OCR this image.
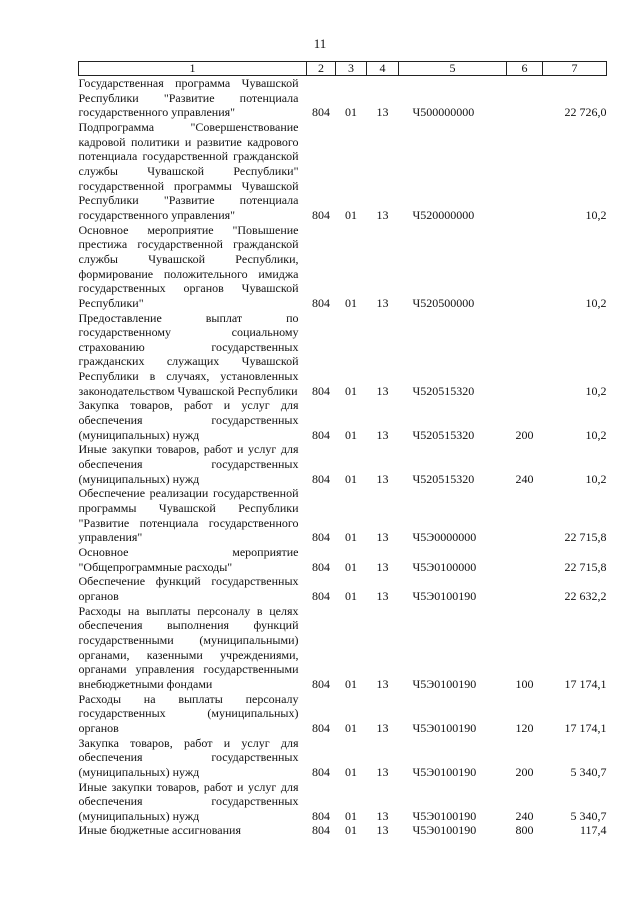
11
1	2	3	4	5	6	7
Государственная программа Чувашской Республики "Развитие потенциала государственного управления"	804	01	13	Ч500000000		22 726,0
Подпрограмма "Совершенствование кадровой политики и развитие кадрового потенциала государственной гражданской службы Чувашской Республики" государственной программы Чувашской Республики "Развитие потенциала государственного управления"	804	01	13	Ч520000000		10,2
Основное мероприятие "Повышение престижа государственной гражданской службы Чувашской Республики, формирование положительного имиджа государственных органов Чувашской Республики"	804	01	13	Ч520500000		10,2
Предоставление выплат по государственному социальному страхованию государственных гражданских служащих Чувашской Республики в случаях, установленных законодательством Чувашской Республики	804	01	13	Ч520515320		10,2
Закупка товаров, работ и услуг для обеспечения государственных (муниципальных) нужд	804	01	13	Ч520515320	200	10,2
Иные закупки товаров, работ и услуг для обеспечения государственных (муниципальных) нужд	804	01	13	Ч520515320	240	10,2
Обеспечение реализации государственной программы Чувашской Республики "Развитие потенциала государственного управления"	804	01	13	Ч5Э0000000		22 715,8
Основное мероприятие "Общепрограммные расходы"	804	01	13	Ч5Э0100000		22 715,8
Обеспечение функций государственных органов	804	01	13	Ч5Э0100190		22 632,2
Расходы на выплаты персоналу в целях обеспечения выполнения функций государственными (муниципальными) органами, казенными учреждениями, органами управления государственными внебюджетными фондами	804	01	13	Ч5Э0100190	100	17 174,1
Расходы на выплаты персоналу государственных (муниципальных) органов	804	01	13	Ч5Э0100190	120	17 174,1
Закупка товаров, работ и услуг для обеспечения государственных (муниципальных) нужд	804	01	13	Ч5Э0100190	200	5 340,7
Иные закупки товаров, работ и услуг для обеспечения государственных (муниципальных) нужд	804	01	13	Ч5Э0100190	240	5 340,7
Иные бюджетные ассигнования	804	01	13	Ч5Э0100190	800	117,4
